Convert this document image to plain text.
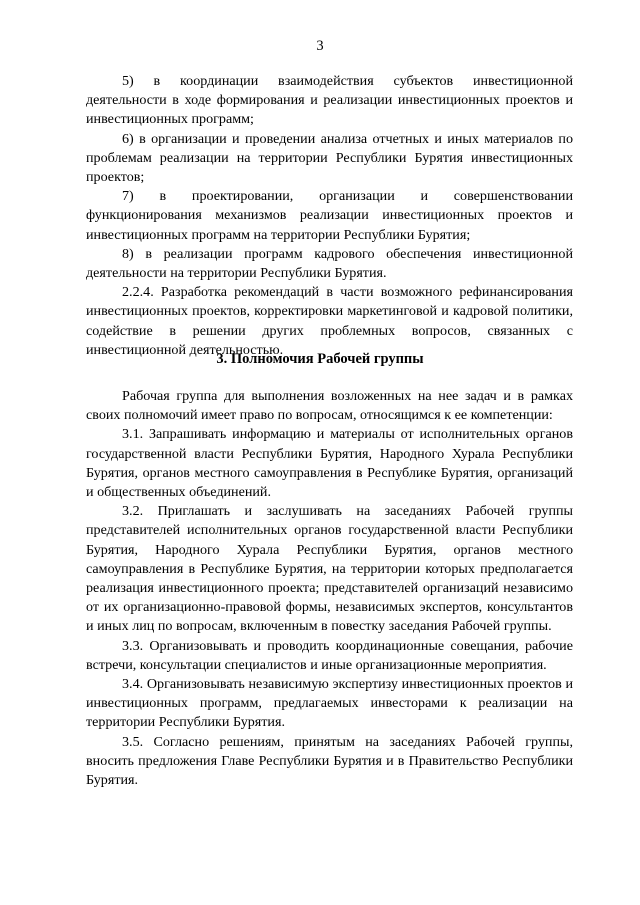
3

5) в координации взаимодействия субъектов инвестиционной деятельности в ходе формирования и реализации инвестиционных проектов и инвестиционных программ;

6) в организации и проведении анализа отчетных и иных материалов по проблемам реализации на территории Республики Бурятия инвестиционных проектов;

7) в проектировании, организации и совершенствовании функционирования механизмов реализации инвестиционных проектов и инвестиционных программ на территории Республики Бурятия;

8) в реализации программ кадрового обеспечения инвестиционной деятельности на территории Республики Бурятия.

2.2.4. Разработка рекомендаций в части возможного рефинансирования инвестиционных проектов, корректировки маркетинговой и кадровой политики, содействие в решении других проблемных вопросов, связанных с инвестиционной деятельностью.

3. Полномочия Рабочей группы

Рабочая группа для выполнения возложенных на нее задач и в рамках своих полномочий имеет право по вопросам, относящимся к ее компетенции:

3.1. Запрашивать информацию и материалы от исполнительных органов государственной власти Республики Бурятия, Народного Хурала Республики Бурятия, органов местного самоуправления в Республике Бурятия, организаций и общественных объединений.

3.2. Приглашать и заслушивать на заседаниях Рабочей группы представителей исполнительных органов государственной власти Республики Бурятия, Народного Хурала Республики Бурятия, органов местного самоуправления в Республике Бурятия, на территории которых предполагается реализация инвестиционного проекта; представителей организаций независимо от их организационно-правовой формы, независимых экспертов, консультантов и иных лиц по вопросам, включенным в повестку заседания Рабочей группы.

3.3. Организовывать и проводить координационные совещания, рабочие встречи, консультации специалистов и иные организационные мероприятия.

3.4. Организовывать независимую экспертизу инвестиционных проектов и инвестиционных программ, предлагаемых инвесторами к реализации на территории Республики Бурятия.

3.5. Согласно решениям, принятым на заседаниях Рабочей группы, вносить предложения Главе Республики Бурятия и в Правительство Республики Бурятия.
